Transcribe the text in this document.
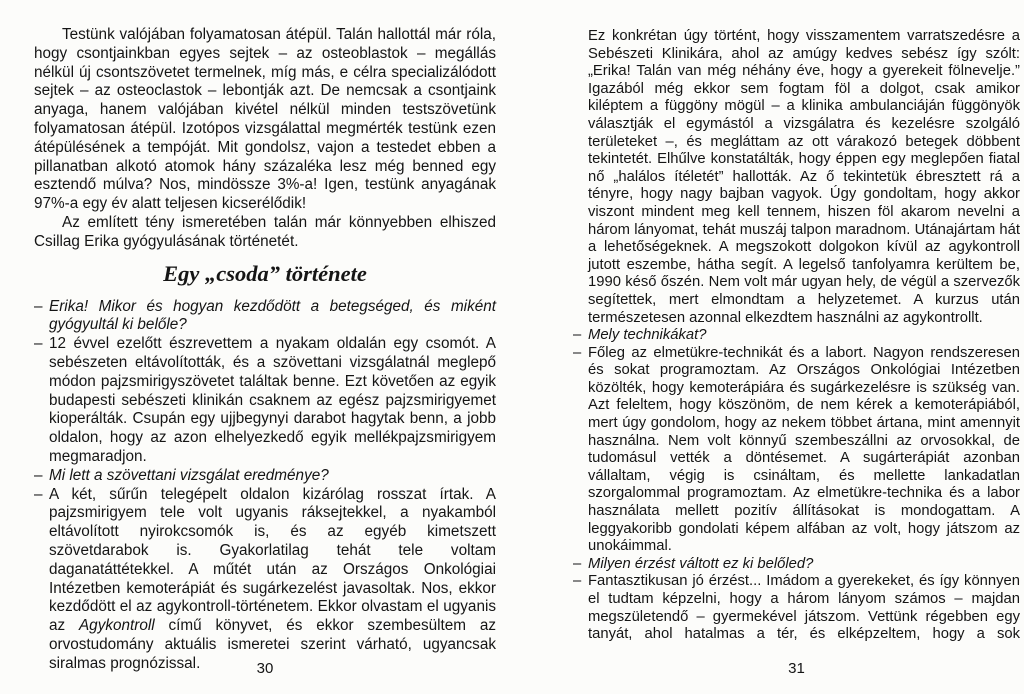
Testünk valójában folyamatosan átépül. Talán hallottál már róla, hogy csontjainkban egyes sejtek – az osteoblastok – megállás nélkül új csontszövetet termelnek, míg más, e célra specializálódott sejtek – az osteoclastok – lebontják azt. De nemcsak a csontjaink anyaga, hanem valójában kivétel nélkül minden testszövetünk folyamatosan átépül. Izotópos vizsgálattal megmérték testünk ezen átépülésének a tempóját. Mit gondolsz, vajon a testedet ebben a pillanatban alkotó atomok hány százaléka lesz még benned egy esztendő múlva? Nos, mindössze 3%-a! Igen, testünk anyagának 97%-a egy év alatt teljesen kicserélődik!

Az említett tény ismeretében talán már könnyebben elhiszed Csillag Erika gyógyulásának történetét.

Egy „csoda” története

– Erika! Mikor és hogyan kezdődött a betegséged, és miként gyógyultál ki belőle?
– 12 évvel ezelőtt észrevettem a nyakam oldalán egy csomót. A sebészeten eltávolították, és a szövettani vizsgálatnál meglepő módon pajzsmirigyszövetet találtak benne. Ezt követően az egyik budapesti sebészeti klinikán csaknem az egész pajzsmirigyemet kioperálták. Csupán egy ujjbegynyi darabot hagytak benn, a jobb oldalon, hogy az azon elhelyezkedő egyik mellékpajzsmirigyem megmaradjon.
– Mi lett a szövettani vizsgálat eredménye?
– A két, sűrűn telegépelt oldalon kizárólag rosszat írtak. A pajzsmirigyem tele volt ugyanis ráksejtekkel, a nyakamból eltávolított nyirokcsomók is, és az egyéb kimetszett szövetdarabok is. Gyakorlatilag tehát tele voltam daganatáttétekkel. A műtét után az Országos Onkológiai Intézetben kemoterápiát és sugárkezelést javasoltak. Nos, ekkor kezdődött el az agykontroll-történetem. Ekkor olvastam el ugyanis az Agykontroll című könyvet, és ekkor szembesültem az orvostudomány aktuális ismeretei szerint várható, ugyancsak siralmas prognózissal.	30

Ez konkrétan úgy történt, hogy visszamentem varratszedésre a Sebészeti Klinikára, ahol az amúgy kedves sebész így szólt: „Erika! Talán van még néhány éve, hogy a gyerekeit fölnevelje.” Igazából még ekkor sem fogtam föl a dolgot, csak amikor kiléptem a függöny mögül – a klinika ambulanciáján függönyök választják el egymástól a vizsgálatra és kezelésre szolgáló területeket –, és megláttam az ott várakozó betegek döbbent tekintetét. Elhűlve konstatálták, hogy éppen egy meglepően fiatal nő „halálos ítéletét” hallották. Az ő tekintetük ébresztett rá a tényre, hogy nagy bajban vagyok. Úgy gondoltam, hogy akkor viszont mindent meg kell tennem, hiszen föl akarom nevelni a három lányomat, tehát muszáj talpon maradnom. Utánajártam hát a lehetőségeknek. A megszokott dolgokon kívül az agykontroll jutott eszembe, hátha segít. A legelső tanfolyamra kerültem be, 1990 késő őszén. Nem volt már ugyan hely, de végül a szervezők segítettek, mert elmondtam a helyzetemet. A kurzus után természetesen azonnal elkezdtem használni az agykontrollt.

– Mely technikákat?
– Főleg az elmetükre-technikát és a labort. Nagyon rendszeresen és sokat programoztam. Az Országos Onkológiai Intézetben közölték, hogy kemoterápiára és sugárkezelésre is szükség van. Azt feleltem, hogy köszönöm, de nem kérek a kemoterápiából, mert úgy gondolom, hogy az nekem többet ártana, mint amennyit használna. Nem volt könnyű szembeszállni az orvosokkal, de tudomásul vették a döntésemet. A sugárterápiát azonban vállaltam, végig is csináltam, és mellette lankadatlan szorgalommal programoztam. Az elmetükre-technika és a labor használata mellett pozitív állításokat is mondogattam. A leggyakoribb gondolati képem alfában az volt, hogy játszom az unokáimmal.
– Milyen érzést váltott ez ki belőled?
– Fantasztikusan jó érzést... Imádom a gyerekeket, és így könnyen el tudtam képzelni, hogy a három lányom számos – majdan megszületendő – gyermekével játszom. Vettünk régebben egy tanyát, ahol hatalmas a tér, és elképzeltem, hogy a sok
31
